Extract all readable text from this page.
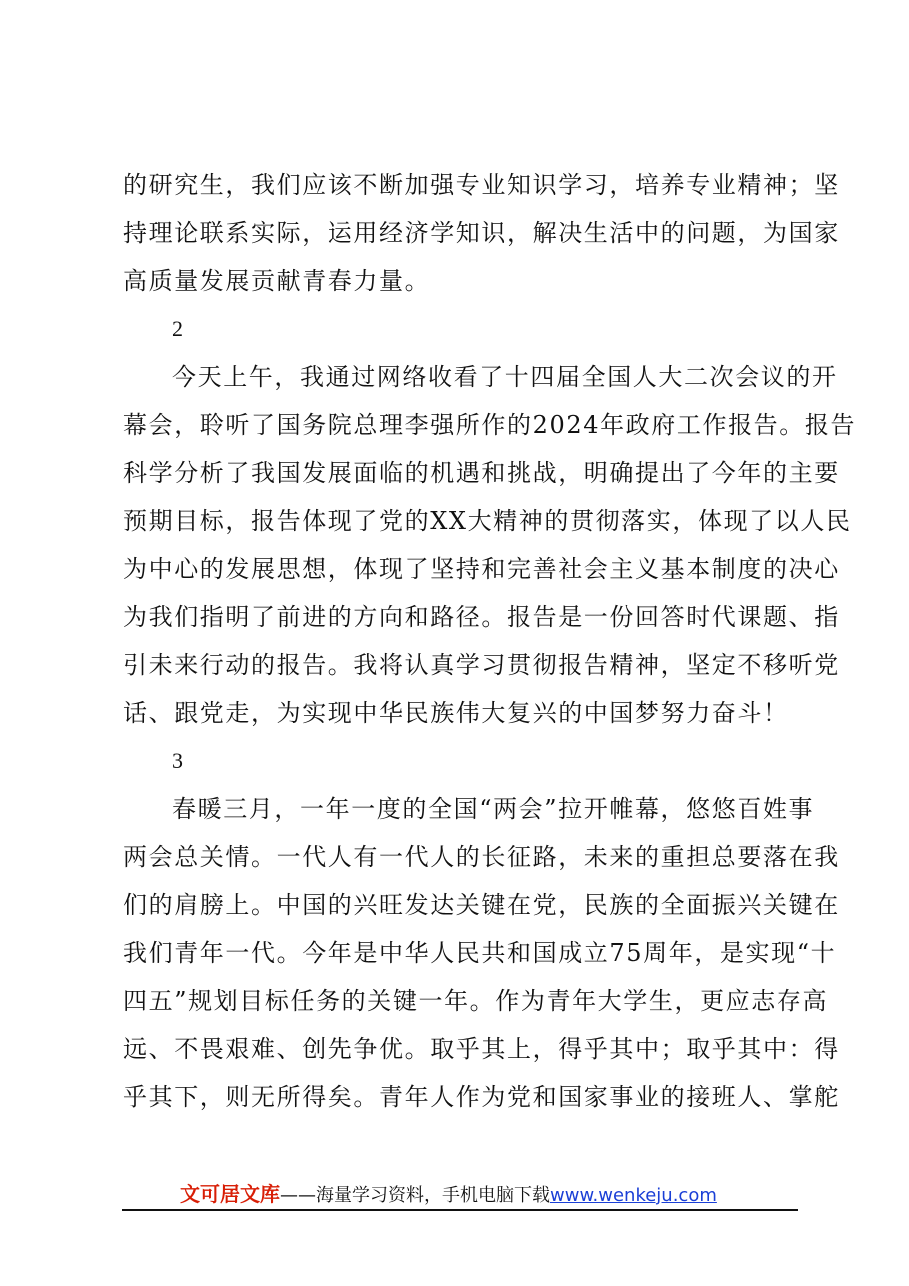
的研究生，我们应该不断加强专业知识学习，培养专业精神；坚
持理论联系实际，运用经济学知识，解决生活中的问题，为国家
高质量发展贡献青春力量。
2
今天上午，我通过网络收看了十四届全国人大二次会议的开
幕会，聆听了国务院总理李强所作的2024年政府工作报告。报告
科学分析了我国发展面临的机遇和挑战，明确提出了今年的主要
预期目标，报告体现了党的XX大精神的贯彻落实，体现了以人民
为中心的发展思想，体现了坚持和完善社会主义基本制度的决心
为我们指明了前进的方向和路径。报告是一份回答时代课题、指
引未来行动的报告。我将认真学习贯彻报告精神，坚定不移听党
话、跟党走，为实现中华民族伟大复兴的中国梦努力奋斗！
3
春暖三月，一年一度的全国“两会”拉开帷幕，悠悠百姓事
两会总关情。一代人有一代人的长征路，未来的重担总要落在我
们的肩膀上。中国的兴旺发达关键在党，民族的全面振兴关键在
我们青年一代。今年是中华人民共和国成立75周年，是实现“十
四五”规划目标任务的关键一年。作为青年大学生，更应志存高
远、不畏艰难、创先争优。取乎其上，得乎其中；取乎其中：得
乎其下，则无所得矣。青年人作为党和国家事业的接班人、掌舵
文可居文库——海量学习资料，手机电脑下载www.wenkeju.com
